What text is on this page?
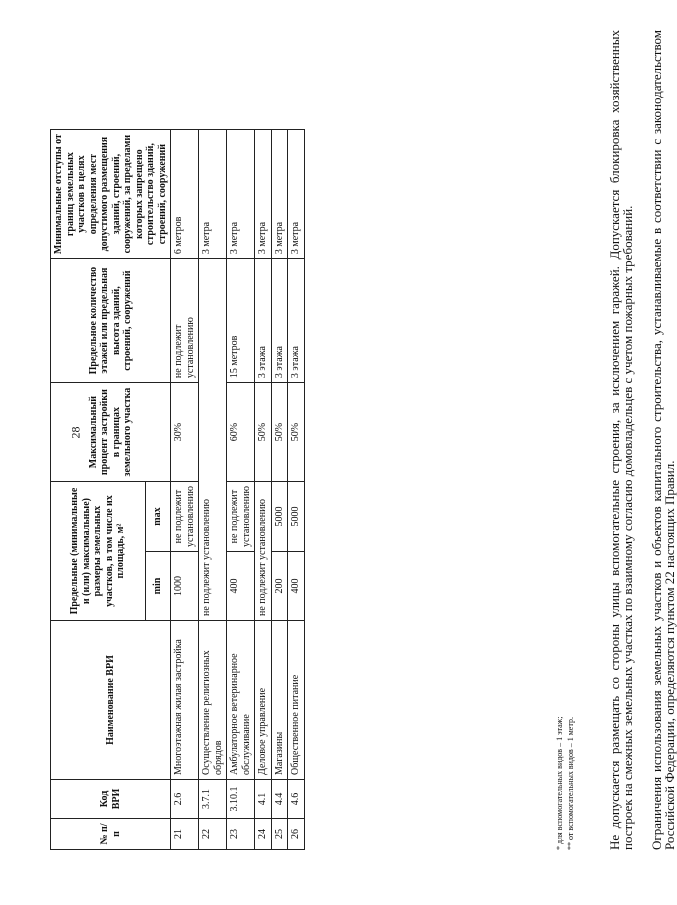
28
№ п/п	Код ВРИ	Наименование ВРИ	Предельные (минимальные и (или) максимальные) размеры земельных участков, в том числе их площадь, м²		Максимальный процент застройки в границах земельного участка	Предельное количество этажей или предельная высота зданий, строений, сооружений	Минимальные отступы от границ земельных участков в целях определения мест допустимого размещения зданий, строений, сооружений, за пределами которых запрещено строительство зданий, строений, сооружений
			min	max			
21	2.6	Многоэтажная жилая застройка	1000	не подлежит установлению	30%	не подлежит установлению	6 метров
22	3.7.1	Осуществление религиозных обрядов	не подлежит установлению				3 метра
23	3.10.1	Амбулаторное ветеринарное обслуживание	400	не подлежит установлению	60%	15 метров	3 метра
24	4.1	Деловое управление	не подлежит установлению		50%	3 этажа	3 метра
25	4.4	Магазины	200	5000	50%	3 этажа	3 метра
26	4.6	Общественное питание	400	5000	50%	3 этажа	3 метра
* для вспомогательных видов – 1 этаж; ** от вспомогательных видов – 1 метр. Не допускается размещать со стороны улицы вспомогательные строения, за исключением гаражей. Допускается блокировка хозяйственных построек на смежных земельных участках по взаимному согласию домовладельцев с учетом пожарных требований. Ограничения использования земельных участков и объектов капитального строительства, устанавливаемые в соответствии с законодательством Российской Федерации, определяются пунктом 22 настоящих Правил.
